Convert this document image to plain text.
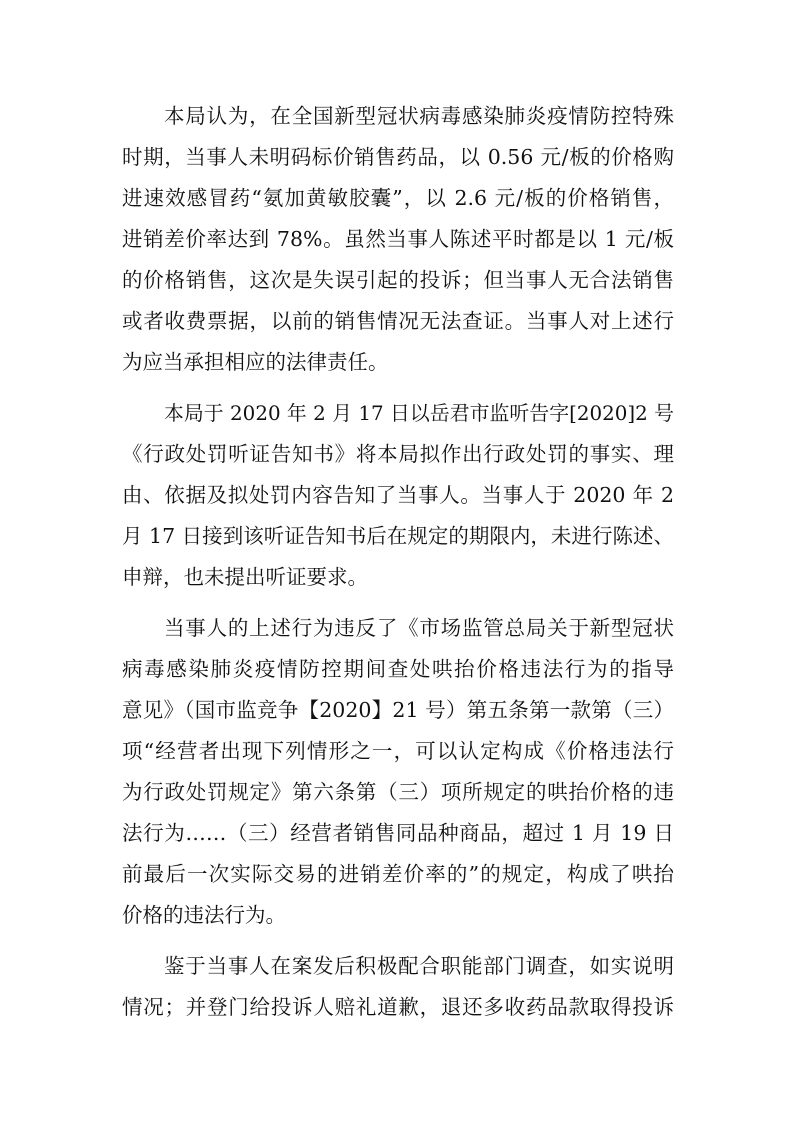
本局认为，在全国新型冠状病毒感染肺炎疫情防控特殊
时期，当事人未明码标价销售药品，以 0.56 元/板的价格购
进速效感冒药“氨加黄敏胶囊”，以 2.6 元/板的价格销售，
进销差价率达到 78%。虽然当事人陈述平时都是以 1 元/板
的价格销售，这次是失误引起的投诉；但当事人无合法销售
或者收费票据，以前的销售情况无法查证。当事人对上述行
为应当承担相应的法律责任。
本局于 2020 年 2 月 17 日以岳君市监听告字[2020]2 号
《行政处罚听证告知书》将本局拟作出行政处罚的事实、理
由、依据及拟处罚内容告知了当事人。当事人于 2020 年 2
月 17 日接到该听证告知书后在规定的期限内，未进行陈述、
申辩，也未提出听证要求。
当事人的上述行为违反了《市场监管总局关于新型冠状
病毒感染肺炎疫情防控期间查处哄抬价格违法行为的指导
意见》（国市监竞争【2020】21 号）第五条第一款第（三）
项“经营者出现下列情形之一，可以认定构成《价格违法行
为行政处罚规定》第六条第（三）项所规定的哄抬价格的违
法行为……（三）经营者销售同品种商品，超过 1 月 19 日
前最后一次实际交易的进销差价率的”的规定，构成了哄抬
价格的违法行为。
鉴于当事人在案发后积极配合职能部门调查，如实说明
情况；并登门给投诉人赔礼道歉，退还多收药品款取得投诉
